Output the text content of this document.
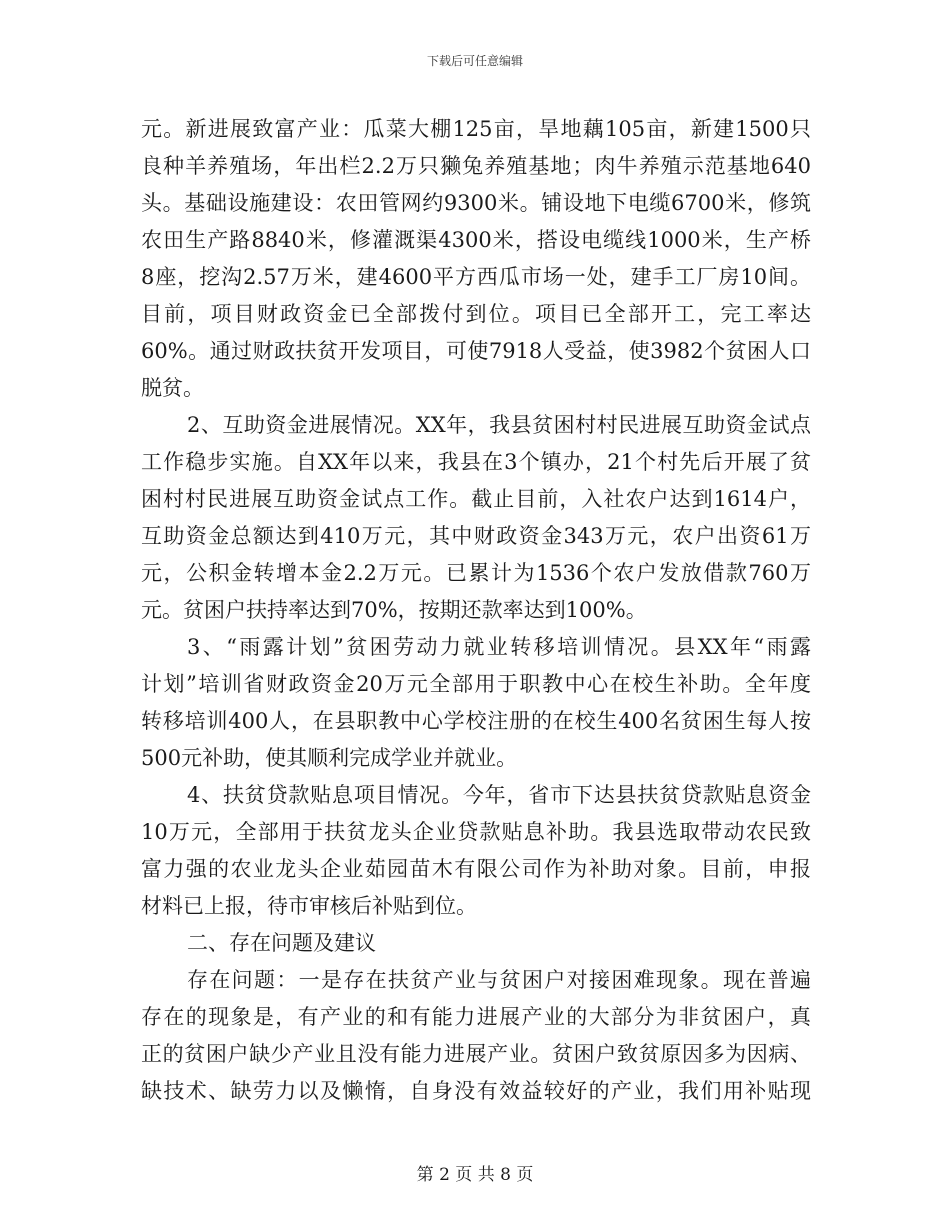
下载后可任意编辑
元。新进展致富产业：瓜菜大棚125亩，旱地藕105亩，新建1500只
良种羊养殖场，年出栏2.2万只獭兔养殖基地；肉牛养殖示范基地640
头。基础设施建设：农田管网约9300米。铺设地下电缆6700米，修筑
农田生产路8840米，修灌溉渠4300米，搭设电缆线1000米，生产桥
8座，挖沟2.57万米，建4600平方西瓜市场一处，建手工厂房10间。
目前，项目财政资金已全部拨付到位。项目已全部开工，完工率达
60%。通过财政扶贫开发项目，可使7918人受益，使3982个贫困人口
脱贫。
2、互助资金进展情况。XX年，我县贫困村村民进展互助资金试点
工作稳步实施。自XX年以来，我县在3个镇办，21个村先后开展了贫
困村村民进展互助资金试点工作。截止目前，入社农户达到1614户，
互助资金总额达到410万元，其中财政资金343万元，农户出资61万
元，公积金转增本金2.2万元。已累计为1536个农户发放借款760万
元。贫困户扶持率达到70%，按期还款率达到100%。
3、“雨露计划”贫困劳动力就业转移培训情况。县XX年“雨露
计划”培训省财政资金20万元全部用于职教中心在校生补助。全年度
转移培训400人，在县职教中心学校注册的在校生400名贫困生每人按
500元补助，使其顺利完成学业并就业。
4、扶贫贷款贴息项目情况。今年，省市下达县扶贫贷款贴息资金
10万元，全部用于扶贫龙头企业贷款贴息补助。我县选取带动农民致
富力强的农业龙头企业茹园苗木有限公司作为补助对象。目前，申报
材料已上报，待市审核后补贴到位。
二、存在问题及建议
存在问题：一是存在扶贫产业与贫困户对接困难现象。现在普遍
存在的现象是，有产业的和有能力进展产业的大部分为非贫困户，真
正的贫困户缺少产业且没有能力进展产业。贫困户致贫原因多为因病、
缺技术、缺劳力以及懒惰，自身没有效益较好的产业，我们用补贴现
第 2 页 共 8 页
